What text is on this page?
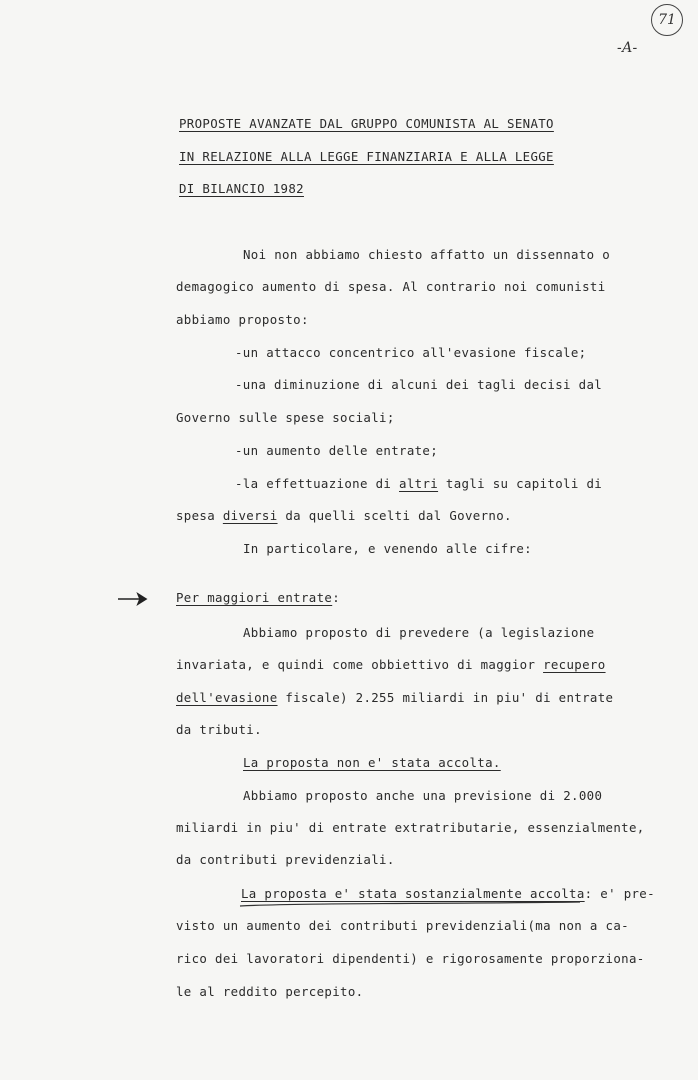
71
-A-
PROPOSTE AVANZATE DAL GRUPPO COMUNISTA AL SENATO
IN RELAZIONE ALLA LEGGE FINANZIARIA E ALLA LEGGE
DI BILANCIO 1982
Noi non abbiamo chiesto affatto un dissennato o
demagogico aumento di spesa. Al contrario noi comunisti
abbiamo proposto:
-un attacco concentrico all'evasione fiscale;
-una diminuzione di alcuni dei tagli decisi dal
Governo sulle spese sociali;
-un aumento delle entrate;
-la effettuazione di altri tagli su capitoli di
spesa diversi da quelli scelti dal Governo.
In particolare, e venendo alle cifre:
Per maggiori entrate:
Abbiamo proposto di prevedere (a legislazione
invariata, e quindi come obbiettivo di maggior recupero
dell'evasione fiscale) 2.255 miliardi in piu' di entrate
da tributi.
La proposta non e' stata accolta.
Abbiamo proposto anche una previsione di 2.000
miliardi in piu' di entrate extratributarie, essenzialmente,
da contributi previdenziali.
La proposta e' stata sostanzialmente accolta: e' pre-
visto un aumento dei contributi previdenziali(ma non a ca-
rico dei lavoratori dipendenti) e rigorosamente proporziona-
le al reddito percepito.
